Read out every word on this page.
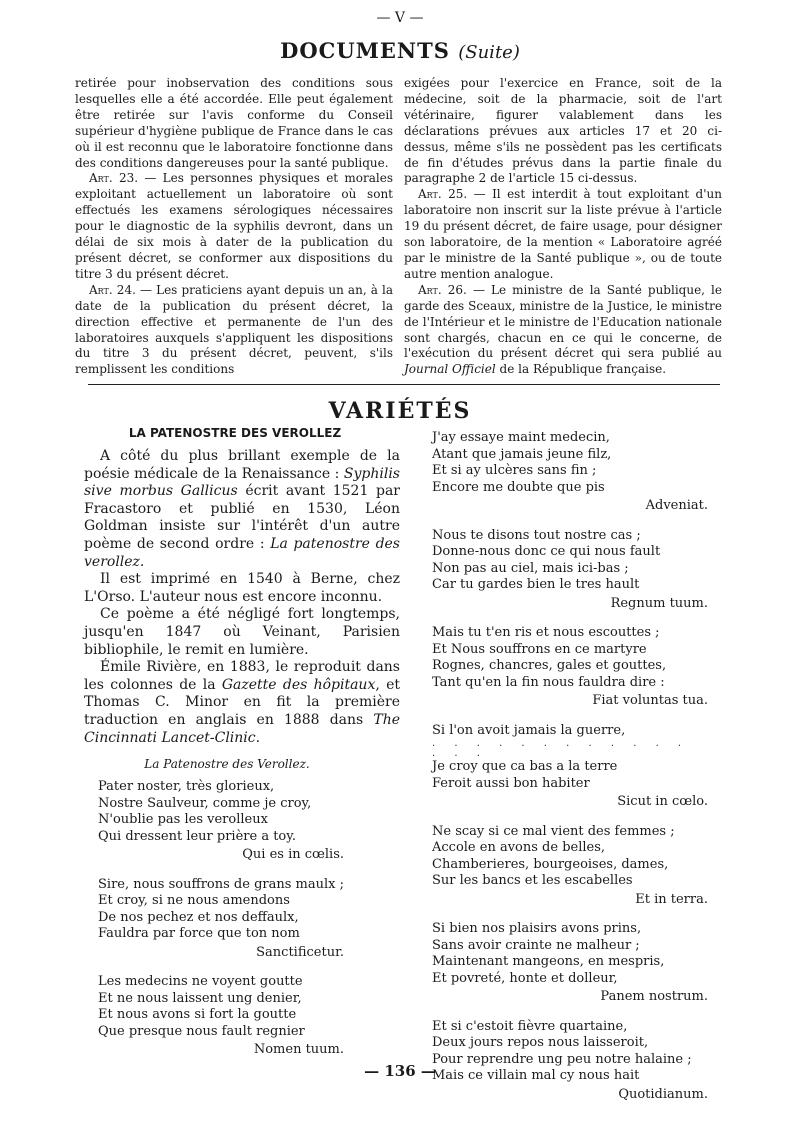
— V —
DOCUMENTS (Suite)

retirée pour inobservation des conditions sous lesquelles elle a été accordée. Elle peut également être retirée sur l'avis conforme du Conseil supérieur d'hygiène publique de France dans le cas où il est reconnu que le laboratoire fonctionne dans des conditions dangereuses pour la santé publique.

Art. 23. — Les personnes physiques et morales exploitant actuellement un laboratoire où sont effectués les examens sérologiques nécessaires pour le diagnostic de la syphilis devront, dans un délai de six mois à dater de la publication du présent décret, se conformer aux dispositions du titre 3 du présent décret.

Art. 24. — Les praticiens ayant depuis un an, à la date de la publication du présent décret, la direction effective et permanente de l'un des laboratoires auxquels s'appliquent les dispositions du titre 3 du présent décret, peuvent, s'ils remplissent les conditions

exigées pour l'exercice en France, soit de la médecine, soit de la pharmacie, soit de l'art vétérinaire, figurer valablement dans les déclarations prévues aux articles 17 et 20 ci-dessus, même s'ils ne possèdent pas les certificats de fin d'études prévus dans la partie finale du paragraphe 2 de l'article 15 ci-dessus.

Art. 25. — Il est interdit à tout exploitant d'un laboratoire non inscrit sur la liste prévue à l'article 19 du présent décret, de faire usage, pour désigner son laboratoire, de la mention « Laboratoire agréé par le ministre de la Santé publique », ou de toute autre mention analogue.

Art. 26. — Le ministre de la Santé publique, le garde des Sceaux, ministre de la Justice, le ministre de l'Intérieur et le ministre de l'Education nationale sont chargés, chacun en ce qui le concerne, de l'exécution du présent décret qui sera publié au Journal Officiel de la République française.

VARIÉTÉS
LA PATENOSTRE DES VEROLLEZ

A côté du plus brillant exemple de la poésie médicale de la Renaissance : Syphilis sive morbus Gallicus écrit avant 1521 par Fracastoro et publié en 1530, Léon Goldman insiste sur l'intérêt d'un autre poème de second ordre : La patenostre des verollez.

Il est imprimé en 1540 à Berne, chez L'Orso. L'auteur nous est encore inconnu.

Ce poème a été négligé fort longtemps, jusqu'en 1847 où Veinant, Parisien bibliophile, le remit en lumière.

Émile Rivière, en 1883, le reproduit dans les colonnes de la Gazette des hôpitaux, et Thomas C. Minor en fit la première traduction en anglais en 1888 dans The Cincinnati Lancet-Clinic.

La Patenostre des Verollez.
Pater noster, très glorieux,
Nostre Saulveur, comme je croy,
N'oublie pas les verolleux
Qui dressent leur prière a toy.
Qui es in cœlis.
Sire, nous souffrons de grans maulx ;
Et croy, si ne nous amendons
De nos pechez et nos deffaulx,
Fauldra par force que ton nom
Sanctificetur.
Les medecins ne voyent goutte
Et ne nous laissent ung denier,
Et nous avons si fort la goutte
Que presque nous fault regnier
Nomen tuum.
J'ay essaye maint medecin,
Atant que jamais jeune filz,
Et si ay ulcères sans fin ;
Encore me doubte que pis
Adveniat.
Nous te disons tout nostre cas ;
Donne-nous donc ce qui nous fault
Non pas au ciel, mais ici-bas ;
Car tu gardes bien le tres hault
Regnum tuum.
Mais tu t'en ris et nous escouttes ;
Et Nous souffrons en ce martyre
Rognes, chancres, gales et gouttes,
Tant qu'en la fin nous fauldra dire :
Fiat voluntas tua.
Si l'on avoit jamais la guerre,
. . . . . . . . . . . . . . .
Je croy que ca bas a la terre
Feroit aussi bon habiter
Sicut in cœlo.
Ne scay si ce mal vient des femmes ;
Accole en avons de belles,
Chamberieres, bourgeoises, dames,
Sur les bancs et les escabelles
Et in terra.
Si bien nos plaisirs avons prins,
Sans avoir crainte ne malheur ;
Maintenant mangeons, en mespris,
Et povreté, honte et dolleur,
Panem nostrum.
Et si c'estoit fièvre quartaine,
Deux jours repos nous laisseroit,
Pour reprendre ung peu notre halaine ;
Mais ce villain mal cy nous hait
Quotidianum.
— 136 —
